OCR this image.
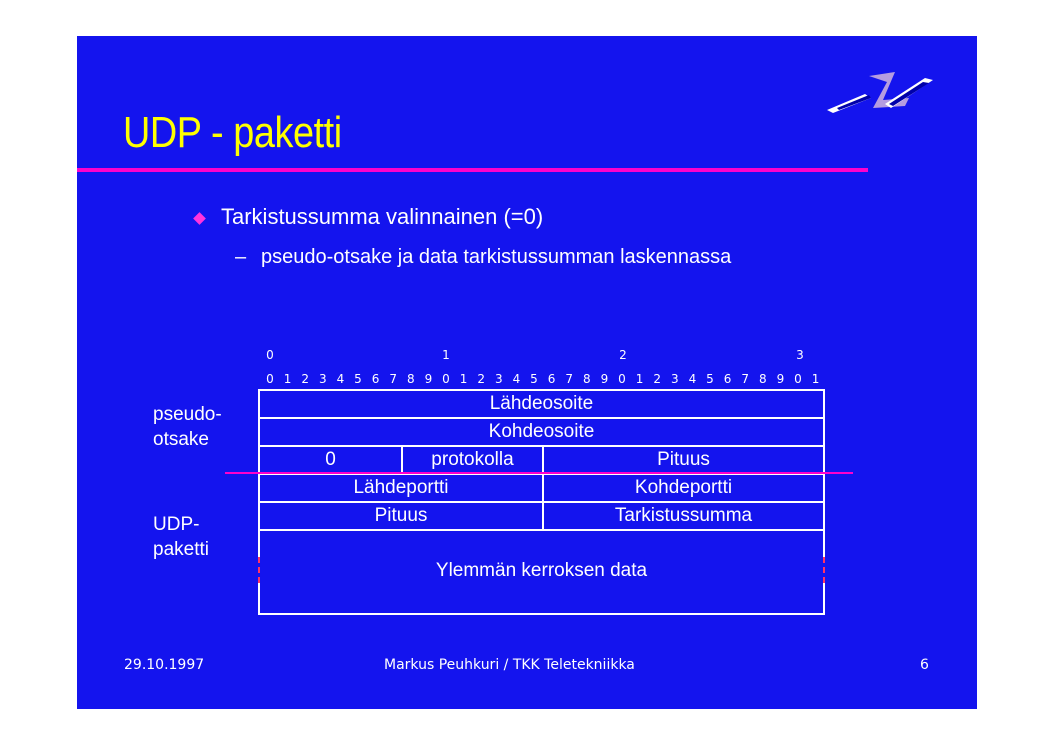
UDP - paketti
Tarkistussumma valinnainen (=0)
– pseudo-otsake ja data tarkistussumman laskennassa
0	1	2	3
0 1 2 3 4 5 6 7 8 9 0 1 2 3 4 5 6 7 8 9 0 1 2 3 4 5 6 7 8 9 0 1
pseudo-
otsake
UDP-
paketti
Lähdeosoite
Kohdeosoite
0	protokolla	Pituus
Lähdeportti	Kohdeportti
Pituus	Tarkistussumma
Ylemmän kerroksen data
29.10.1997	Markus Peuhkuri / TKK Teletekniikka	6
